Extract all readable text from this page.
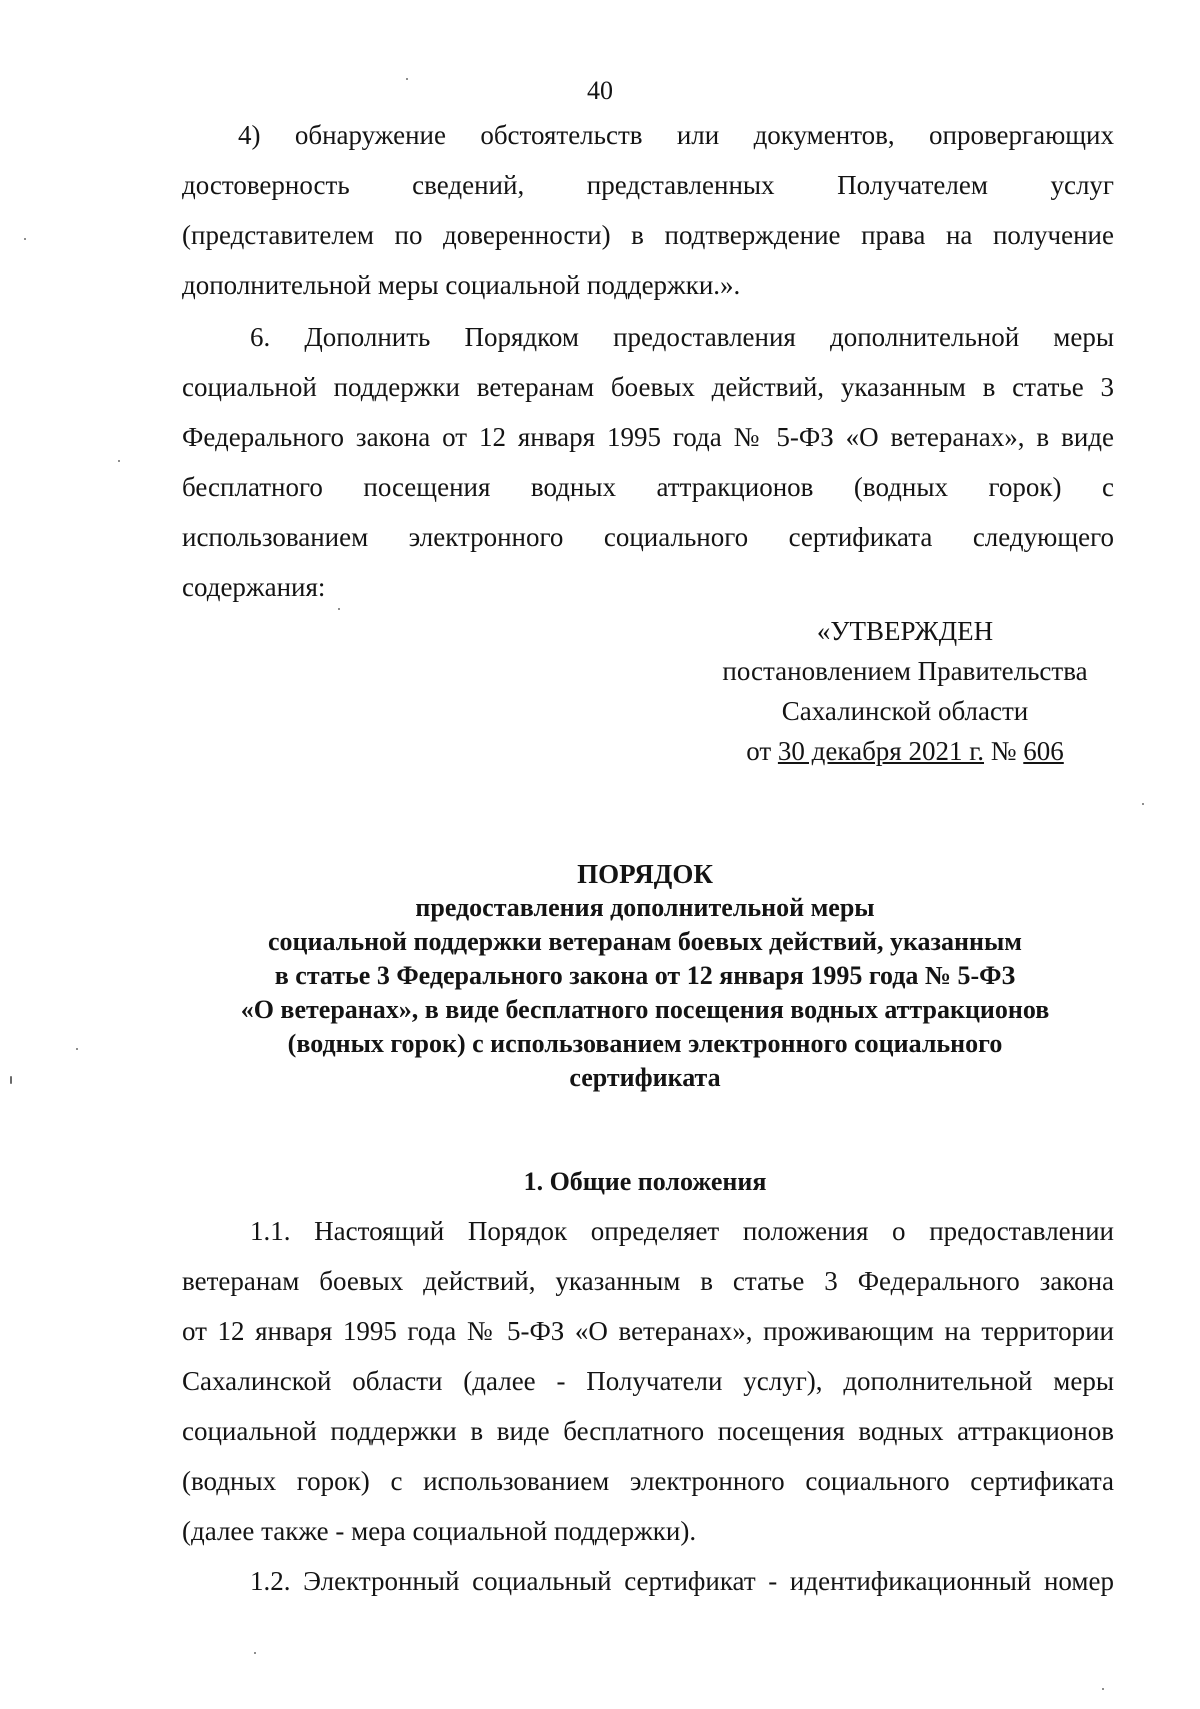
40
4) обнаружение обстоятельств или документов, опровергающих
достоверность сведений, представленных Получателем услуг
(представителем по доверенности) в подтверждение права на получение
дополнительной меры социальной поддержки.».
6. Дополнить Порядком предоставления дополнительной меры
социальной поддержки ветеранам боевых действий, указанным в статье 3
Федерального закона от 12 января 1995 года № 5-ФЗ «О ветеранах», в виде
бесплатного посещения водных аттракционов (водных горок) с
использованием электронного социального сертификата следующего
содержания:
«УТВЕРЖДЕН
постановлением Правительства
Сахалинской области
от 30 декабря 2021 г. № 606
ПОРЯДОК
предоставления дополнительной меры
социальной поддержки ветеранам боевых действий, указанным
в статье 3 Федерального закона от 12 января 1995 года № 5-ФЗ
«О ветеранах», в виде бесплатного посещения водных аттракционов
(водных горок) с использованием электронного социального
сертификата
1. Общие положения
1.1. Настоящий Порядок определяет положения о предоставлении
ветеранам боевых действий, указанным в статье 3 Федерального закона
от 12 января 1995 года № 5-ФЗ «О ветеранах», проживающим на территории
Сахалинской области (далее - Получатели услуг), дополнительной меры
социальной поддержки в виде бесплатного посещения водных аттракционов
(водных горок) с использованием электронного социального сертификата
(далее также - мера социальной поддержки).
1.2. Электронный социальный сертификат - идентификационный номер
